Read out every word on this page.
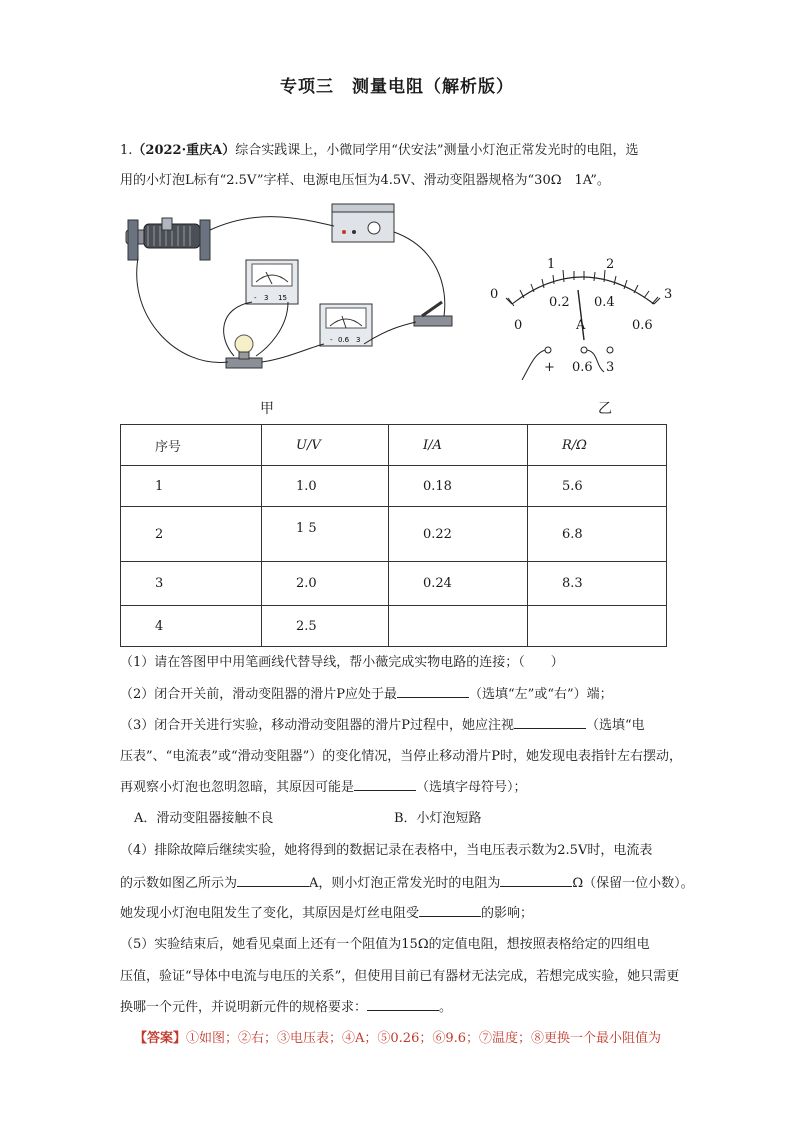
专项三　测量电阻（解析版）
1.（2022·重庆A）综合实践课上，小微同学用“伏安法”测量小灯泡正常发光时的电阻，选
用的小灯泡L标有“2.5V”字样、电源电压恒为4.5V、滑动变阻器规格为“30Ω　1A”。
- 3 15
- 0.6 3
0
1	2
3
0
0.2 0.4
0.6
A
+ 0.6 3
甲	乙
序号	U/V	I/A	R/Ω
1	1.0	0.18	5.6
2	1 5	0.22	6.8
3	2.0	0.24	8.3
4	2.5		
（1）请在答图甲中用笔画线代替导线，帮小薇完成实物电路的连接；（　　）
（2）闭合开关前，滑动变阻器的滑片P应处于最	（选填“左”或“右”）端；
（3）闭合开关进行实验，移动滑动变阻器的滑片P过程中，她应注视	（选填“电
压表”、“电流表”或“滑动变阻器”）的变化情况，当停止移动滑片P时，她发现电表指针左右摆动，
再观察小灯泡也忽明忽暗，其原因可能是	（选填字母符号）；
A．滑动变阻器接触不良	B．小灯泡短路
（4）排除故障后继续实验，她将得到的数据记录在表格中，当电压表示数为2.5V时，电流表
的示数如图乙所示为	A，则小灯泡正常发光时的电阻为	Ω（保留一位小数）。
她发现小灯泡电阻发生了变化，其原因是灯丝电阻受	的影响；
（5）实验结束后，她看见桌面上还有一个阻值为15Ω的定值电阻，想按照表格给定的四组电
压值，验证“导体中电流与电压的关系”，但使用目前已有器材无法完成，若想完成实验，她只需更
换哪一个元件，并说明新元件的规格要求：	。
【答案】①如图；②右；③电压表；④A；⑤0.26；⑥9.6；⑦温度；⑧更换一个最小阻值为
